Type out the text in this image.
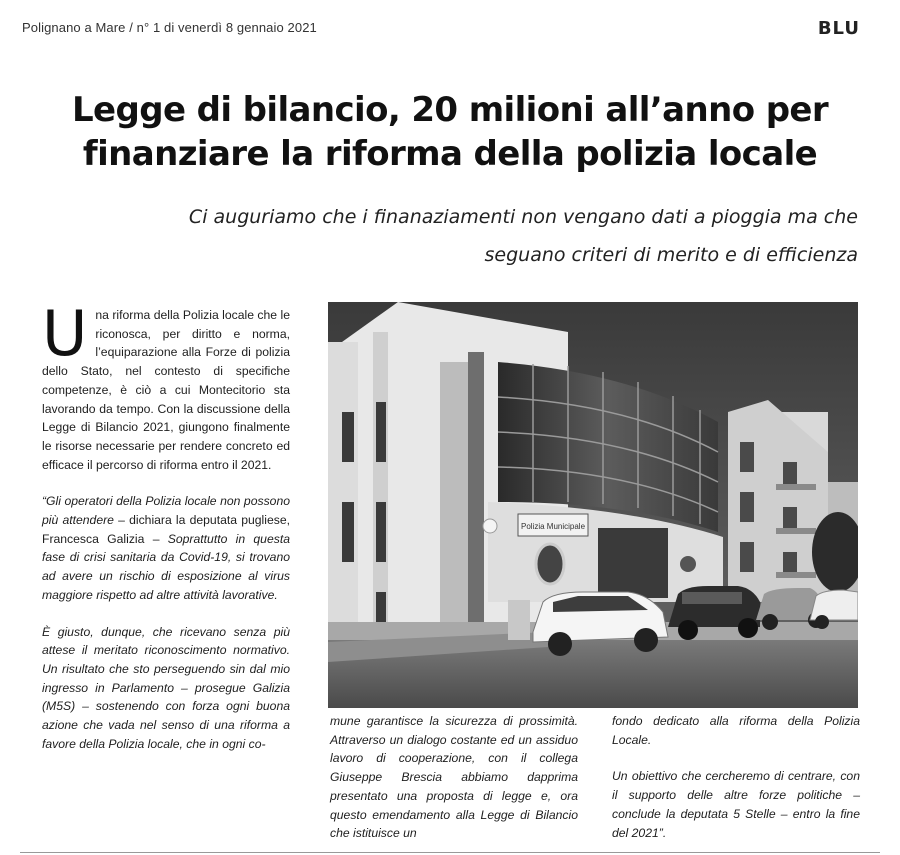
Polignano a Mare / n° 1 di venerdì 8 gennaio 2021	BLU
Legge di bilancio, 20 milioni all’anno per
finanziare la riforma della polizia locale

Ci auguriamo che i finanaziamenti non vengano dati a pioggia ma che
seguano criteri di merito e di efficienza

Una riforma della Polizia locale che le riconosca, per diritto e norma, l’equiparazione alla Forze di polizia dello Stato, nel contesto di specifiche competenze, è ciò a cui Montecitorio sta lavorando da tempo. Con la discussione della Legge di Bilancio 2021, giungono finalmente le risorse necessarie per rendere concreto ed efficace il percorso di riforma entro il 2021.

“Gli operatori della Polizia locale non possono più attendere – dichiara la deputata pugliese, Francesca Galizia – Soprattutto in questa fase di crisi sanitaria da Covid-19, si trovano ad avere un rischio di esposizione al virus maggiore rispetto ad altre attività lavorative.

È giusto, dunque, che ricevano senza più attese il meritato riconoscimento normativo. Un risultato che sto perseguendo sin dal mio ingresso in Parlamento – prosegue Galizia (M5S) – sostenendo con forza ogni buona azione che vada nel senso di una riforma a favore della Polizia locale, che in ogni co-

Polizia Municipale

mune garantisce la sicurezza di prossimità. Attraverso un dialogo costante ed un assiduo lavoro di cooperazione, con il collega Giuseppe Brescia abbiamo dapprima presentato una proposta di legge e, ora questo emendamento alla Legge di Bilancio che istituisce un

fondo dedicato alla riforma della Polizia Locale.

Un obiettivo che cercheremo di centrare, con il supporto delle altre forze politiche – conclude la deputata 5 Stelle – entro la fine del 2021”.
